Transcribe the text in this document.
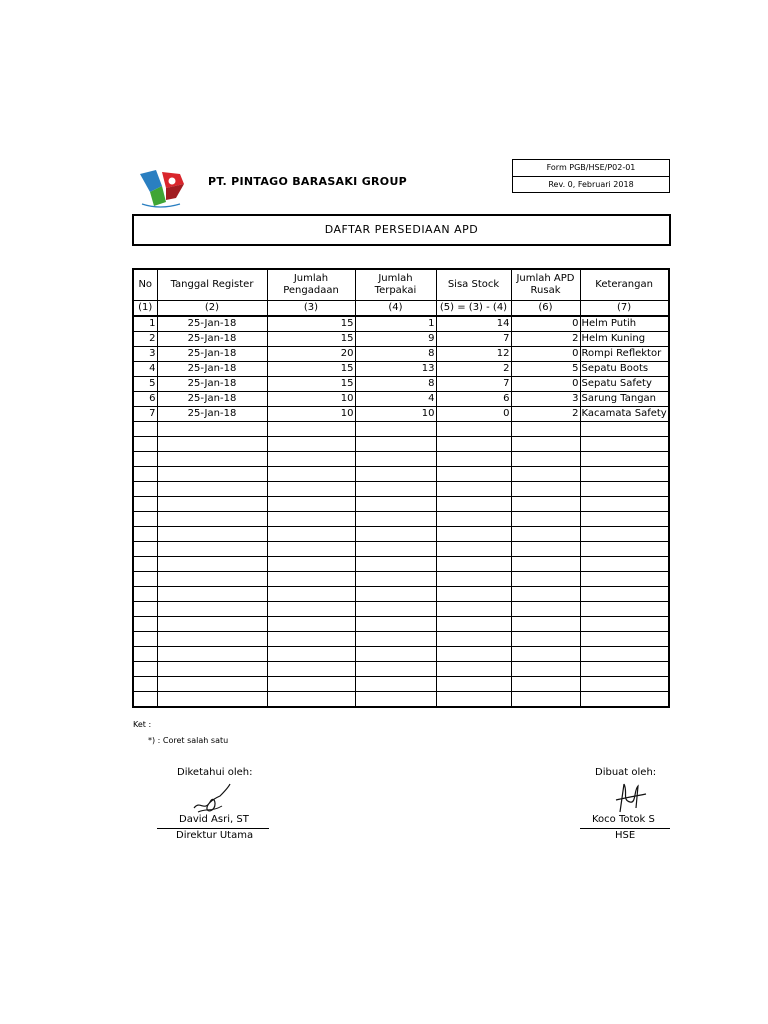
PT. PINTAGO BARASAKI GROUP
Form PGB/HSE/P02-01
Rev. 0, Februari 2018
DAFTAR PERSEDIAAN APD
No	Tanggal Register	Jumlah Pengadaan	Jumlah Terpakai	Sisa Stock	Jumlah APD Rusak	Keterangan
(1)	(2)	(3)	(4)	(5) = (3) - (4)	(6)	(7)
1	25-Jan-18	15	1	14	0	Helm Putih
2	25-Jan-18	15	9	7	2	Helm Kuning
3	25-Jan-18	20	8	12	0	Rompi Reflektor
4	25-Jan-18	15	13	2	5	Sepatu Boots
5	25-Jan-18	15	8	7	0	Sepatu Safety
6	25-Jan-18	10	4	6	3	Sarung Tangan
7	25-Jan-18	10	10	0	2	Kacamata Safety

Ket :
*) : Coret salah satu
Diketahui oleh:
David Asri, ST
Direktur Utama
Dibuat oleh:
Koco Totok S
HSE
